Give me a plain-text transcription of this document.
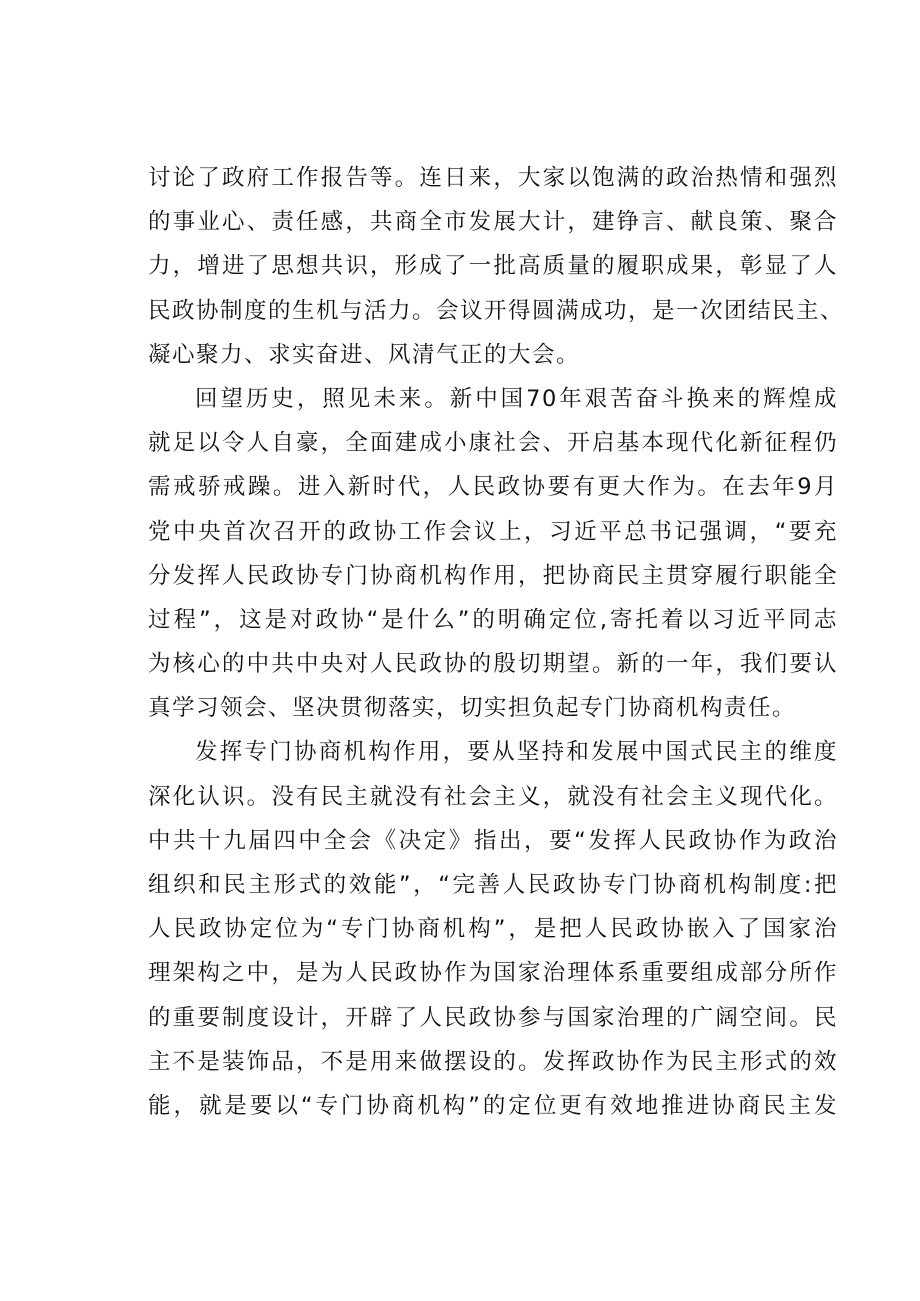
讨论了政府工作报告等。连日来，大家以饱满的政治热情和强烈
的事业心、责任感，共商全市发展大计，建铮言、献良策、聚合
力，增进了思想共识，形成了一批高质量的履职成果，彰显了人
民政协制度的生机与活力。会议开得圆满成功，是一次团结民主、
凝心聚力、求实奋进、风清气正的大会。
回望历史，照见未来。新中国70年艰苦奋斗换来的辉煌成
就足以令人自豪，全面建成小康社会、开启基本现代化新征程仍
需戒骄戒躁。进入新时代，人民政协要有更大作为。在去年9月
党中央首次召开的政协工作会议上，习近平总书记强调，“要充
分发挥人民政协专门协商机构作用，把协商民主贯穿履行职能全
过程”，这是对政协“是什么”的明确定位,寄托着以习近平同志
为核心的中共中央对人民政协的殷切期望。新的一年，我们要认
真学习领会、坚决贯彻落实，切实担负起专门协商机构责任。
发挥专门协商机构作用，要从坚持和发展中国式民主的维度
深化认识。没有民主就没有社会主义，就没有社会主义现代化。
中共十九届四中全会《决定》指出，要“发挥人民政协作为政治
组织和民主形式的效能”，“完善人民政协专门协商机构制度:把
人民政协定位为“专门协商机构”，是把人民政协嵌入了国家治
理架构之中，是为人民政协作为国家治理体系重要组成部分所作
的重要制度设计，开辟了人民政协参与国家治理的广阔空间。民
主不是装饰品，不是用来做摆设的。发挥政协作为民主形式的效
能，就是要以“专门协商机构”的定位更有效地推进协商民主发
